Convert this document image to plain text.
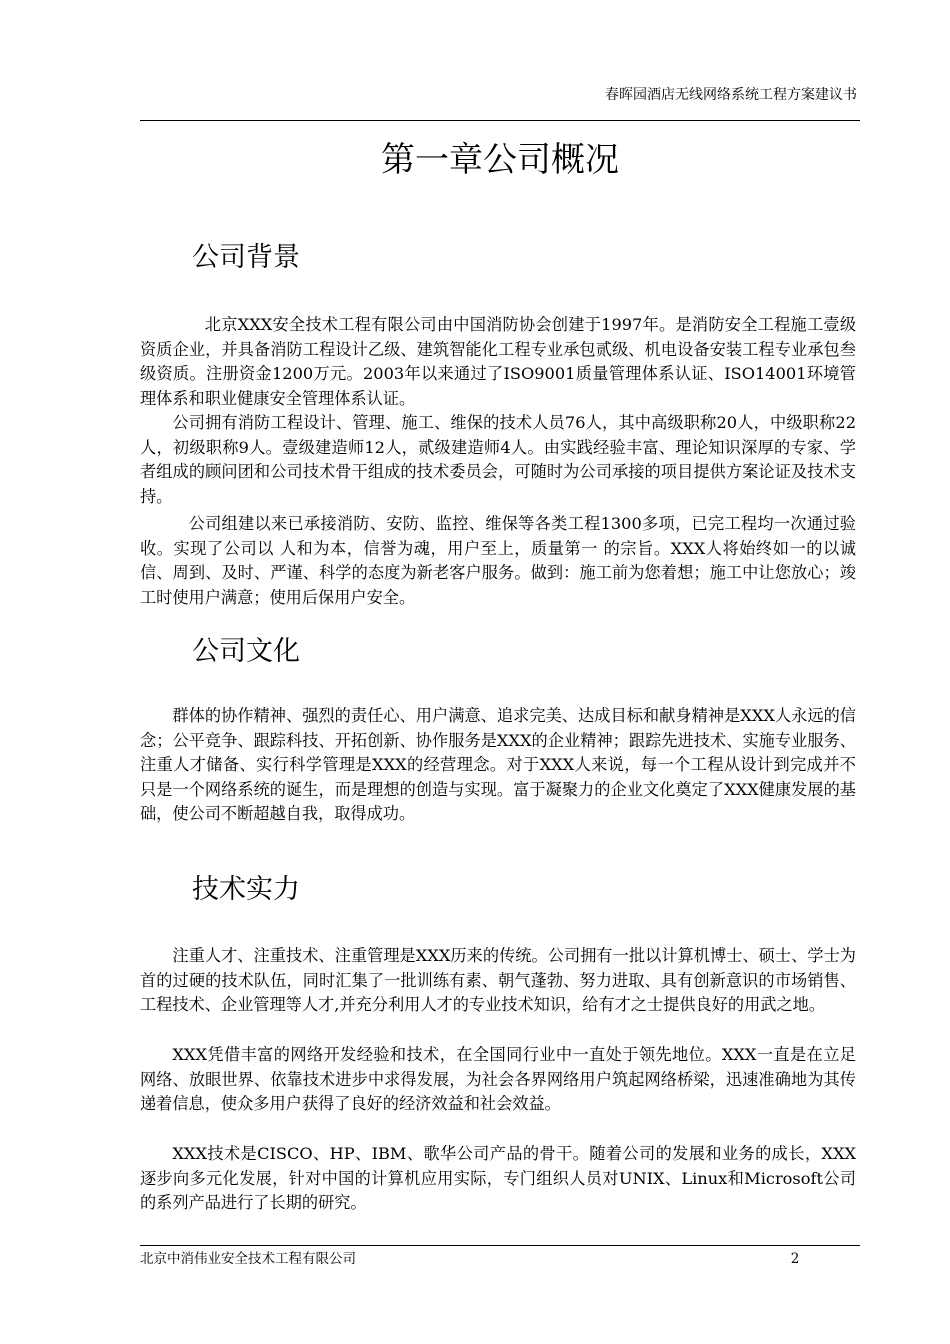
春晖园酒店无线网络系统工程方案建议书
第一章公司概况
公司背景

北京XXX安全技术工程有限公司由中国消防协会创建于1997年。是消防安全工程施工壹级资质企业，并具备消防工程设计乙级、建筑智能化工程专业承包贰级、机电设备安装工程专业承包叁级资质。注册资金1200万元。2003年以来通过了ISO9001质量管理体系认证、ISO14001环境管理体系和职业健康安全管理体系认证。

公司拥有消防工程设计、管理、施工、维保的技术人员76人，其中高级职称20人，中级职称22人，初级职称9人。壹级建造师12人，贰级建造师4人。由实践经验丰富、理论知识深厚的专家、学者组成的顾问团和公司技术骨干组成的技术委员会，可随时为公司承接的项目提供方案论证及技术支持。

公司组建以来已承接消防、安防、监控、维保等各类工程1300多项，已完工程均一次通过验收。实现了公司以 人和为本，信誉为魂，用户至上，质量第一 的宗旨。XXX人将始终如一的以诚信、周到、及时、严谨、科学的态度为新老客户服务。做到：施工前为您着想；施工中让您放心；竣工时使用户满意；使用后保用户安全。

公司文化

群体的协作精神、强烈的责任心、用户满意、追求完美、达成目标和献身精神是XXX人永远的信念；公平竞争、跟踪科技、开拓创新、协作服务是XXX的企业精神；跟踪先进技术、实施专业服务、注重人才储备、实行科学管理是XXX的经营理念。对于XXX人来说，每一个工程从设计到完成并不只是一个网络系统的诞生，而是理想的创造与实现。富于凝聚力的企业文化奠定了XXX健康发展的基础，使公司不断超越自我，取得成功。

技术实力

注重人才、注重技术、注重管理是XXX历来的传统。公司拥有一批以计算机博士、硕士、学士为首的过硬的技术队伍，同时汇集了一批训练有素、朝气蓬勃、努力进取、具有创新意识的市场销售、工程技术、企业管理等人才,并充分利用人才的专业技术知识，给有才之士提供良好的用武之地。

XXX凭借丰富的网络开发经验和技术，在全国同行业中一直处于领先地位。XXX一直是在立足网络、放眼世界、依靠技术进步中求得发展，为社会各界网络用户筑起网络桥梁，迅速准确地为其传递着信息，使众多用户获得了良好的经济效益和社会效益。

XXX技术是CISCO、HP、IBM、歌华公司产品的骨干。随着公司的发展和业务的成长，XXX逐步向多元化发展，针对中国的计算机应用实际，专门组织人员对UNIX、Linux和Microsoft公司的系列产品进行了长期的研究。

北京中消伟业安全技术工程有限公司	2
